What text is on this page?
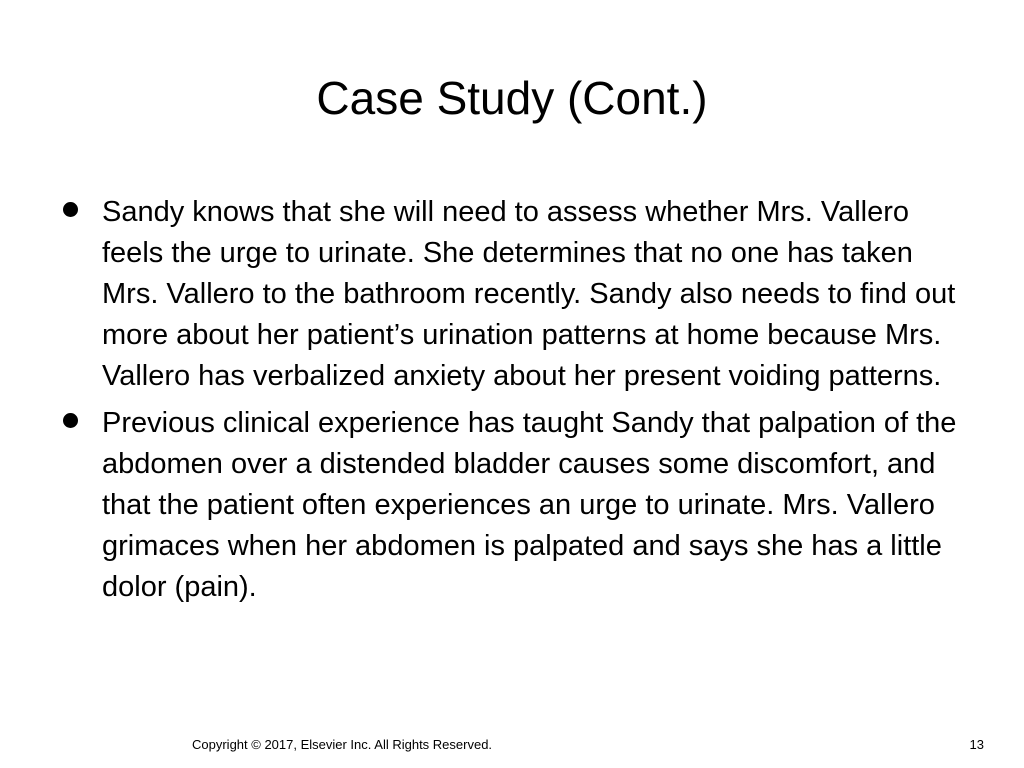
Case Study (Cont.)
Sandy knows that she will need to assess whether Mrs. Vallero feels the urge to urinate. She determines that no one has taken Mrs. Vallero to the bathroom recently. Sandy also needs to find out more about her patient’s urination patterns at home because Mrs. Vallero has verbalized anxiety about her present voiding patterns.
Previous clinical experience has taught Sandy that palpation of the abdomen over a distended bladder causes some discomfort, and that the patient often experiences an urge to urinate. Mrs. Vallero grimaces when her abdomen is palpated and says she has a little dolor (pain).
Copyright © 2017, Elsevier Inc. All Rights Reserved.	13
